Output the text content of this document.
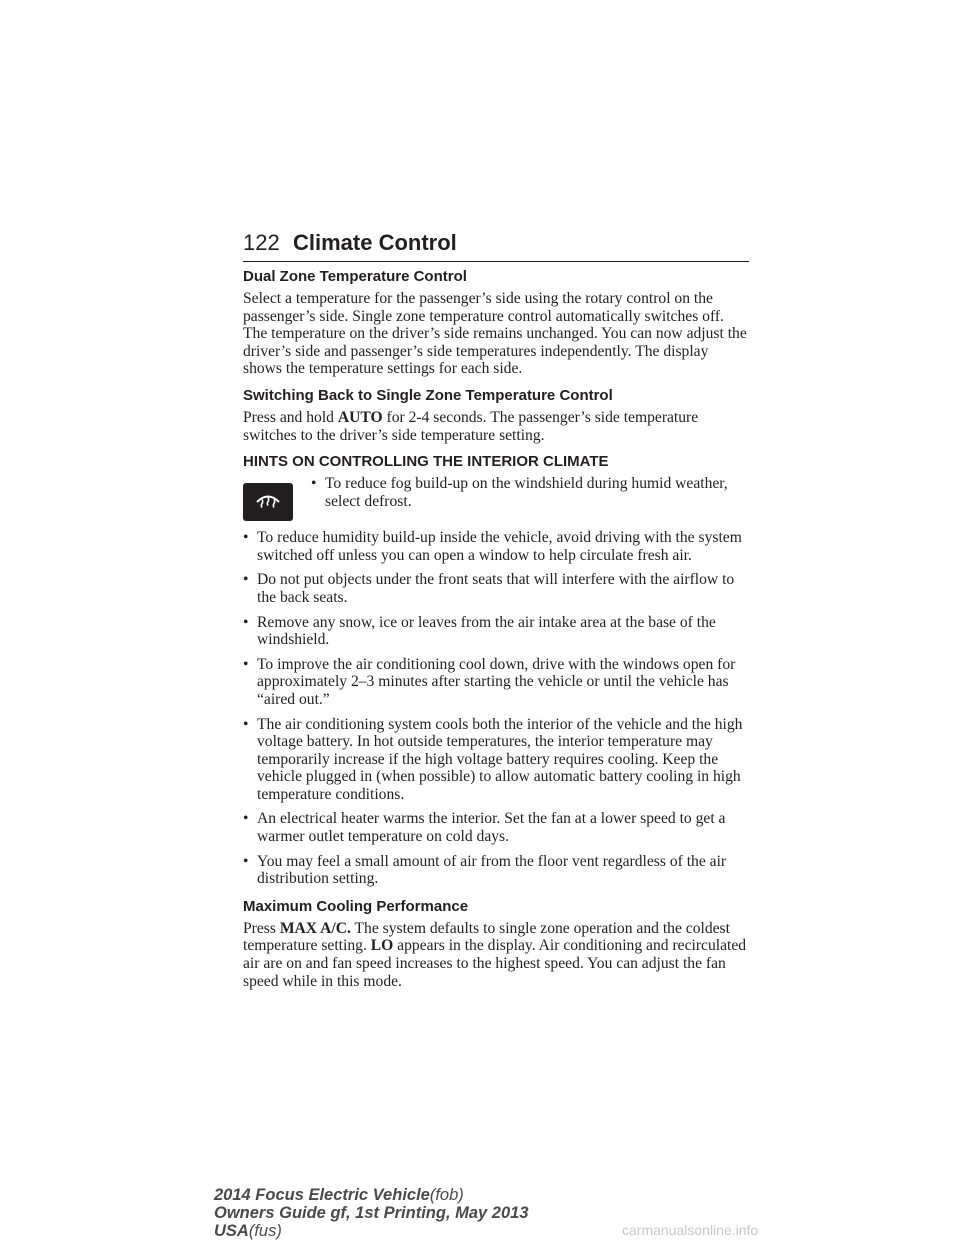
122 Climate Control
Dual Zone Temperature Control

Select a temperature for the passenger’s side using the rotary control on the passenger’s side. Single zone temperature control automatically switches off. The temperature on the driver’s side remains unchanged. You can now adjust the driver’s side and passenger’s side temperatures independently. The display shows the temperature settings for each side.

Switching Back to Single Zone Temperature Control

Press and hold AUTO for 2-4 seconds. The passenger’s side temperature switches to the driver’s side temperature setting.

HINTS ON CONTROLLING THE INTERIOR CLIMATE
• To reduce fog build-up on the windshield during humid weather, select defrost.
• To reduce humidity build-up inside the vehicle, avoid driving with the system switched off unless you can open a window to help circulate fresh air.
• Do not put objects under the front seats that will interfere with the airflow to the back seats.
• Remove any snow, ice or leaves from the air intake area at the base of the windshield.
• To improve the air conditioning cool down, drive with the windows open for approximately 2–3 minutes after starting the vehicle or until the vehicle has “aired out.”
• The air conditioning system cools both the interior of the vehicle and the high voltage battery. In hot outside temperatures, the interior temperature may temporarily increase if the high voltage battery requires cooling. Keep the vehicle plugged in (when possible) to allow automatic battery cooling in high temperature conditions.
• An electrical heater warms the interior. Set the fan at a lower speed to get a warmer outlet temperature on cold days.
• You may feel a small amount of air from the floor vent regardless of the air distribution setting.
Maximum Cooling Performance

Press MAX A/C. The system defaults to single zone operation and the coldest temperature setting. LO appears in the display. Air conditioning and recirculated air are on and fan speed increases to the highest speed. You can adjust the fan speed while in this mode.

2014 Focus Electric Vehicle(fob)
Owners Guide gf, 1st Printing, May 2013
USA(fus)	carmanualsonline.info
